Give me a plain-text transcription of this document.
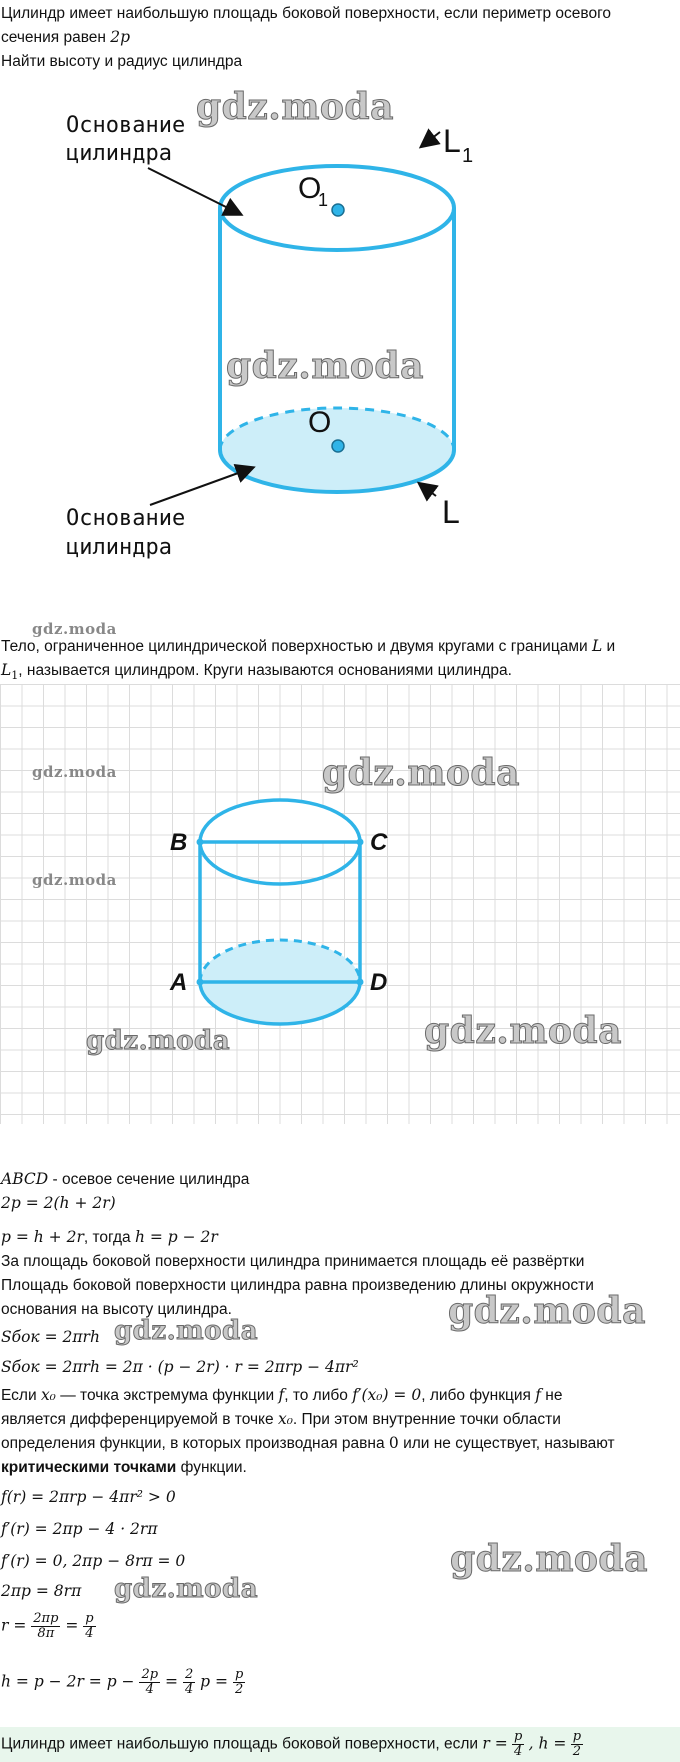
Цилиндр имеет наибольшую площадь боковой поверхности, если периметр осевого
сечения равен 2p
Найти высоту и радиус цилиндра
O
1
O
L 1
L
Основание
цилиндра
Основание
цилиндра
gdz.moda
gdz.moda
gdz.moda
Тело, ограниченное цилиндрической поверхностью и двумя кругами с границами L и
$L_1$, называется цилиндром. Круги называются основаниями цилиндра.
B	C
A	D
gdz.moda
gdz.moda
gdz.moda
gdz.moda	gdz.moda
ABCD - осевое сечение цилиндра
2p = 2(h + 2r)
p = h + 2r, тогда h = p − 2r
За площадь боковой поверхности цилиндра принимается площадь её развёртки
Площадь боковой поверхности цилиндра равна произведению длины окружности
основания на высоту цилиндра.
Sбок = 2πrh
Sбок = 2πrh = 2π · (p − 2r) · r = 2πrp − 4πr²
Если x₀ — точка экстремума функции f, то либо f′(x₀) = 0, либо функция f не
является дифференцируемой в точке x₀. При этом внутренние точки области
определения функции, в которых производная равна 0 или не существует, называют
критическими точками функции.
f(r) = 2πrp − 4πr² > 0
f′(r) = 2πp − 4 · 2rπ
f′(r) = 0, 2πp − 8rπ = 0
2πp = 8rπ
$r = \frac{2\pi p}{8\pi} = \frac{p}{4}$
$h = p - 2r = p - \frac{2p}{4} = \frac{2}{4}$ $p = \frac{p}{2}$
gdz.moda
gdz.moda
gdz.moda
gdz.moda
Цилиндр имеет наибольшую площадь боковой поверхности, если $r = \frac{p}{4}$ , $h = \frac{p}{2}$
